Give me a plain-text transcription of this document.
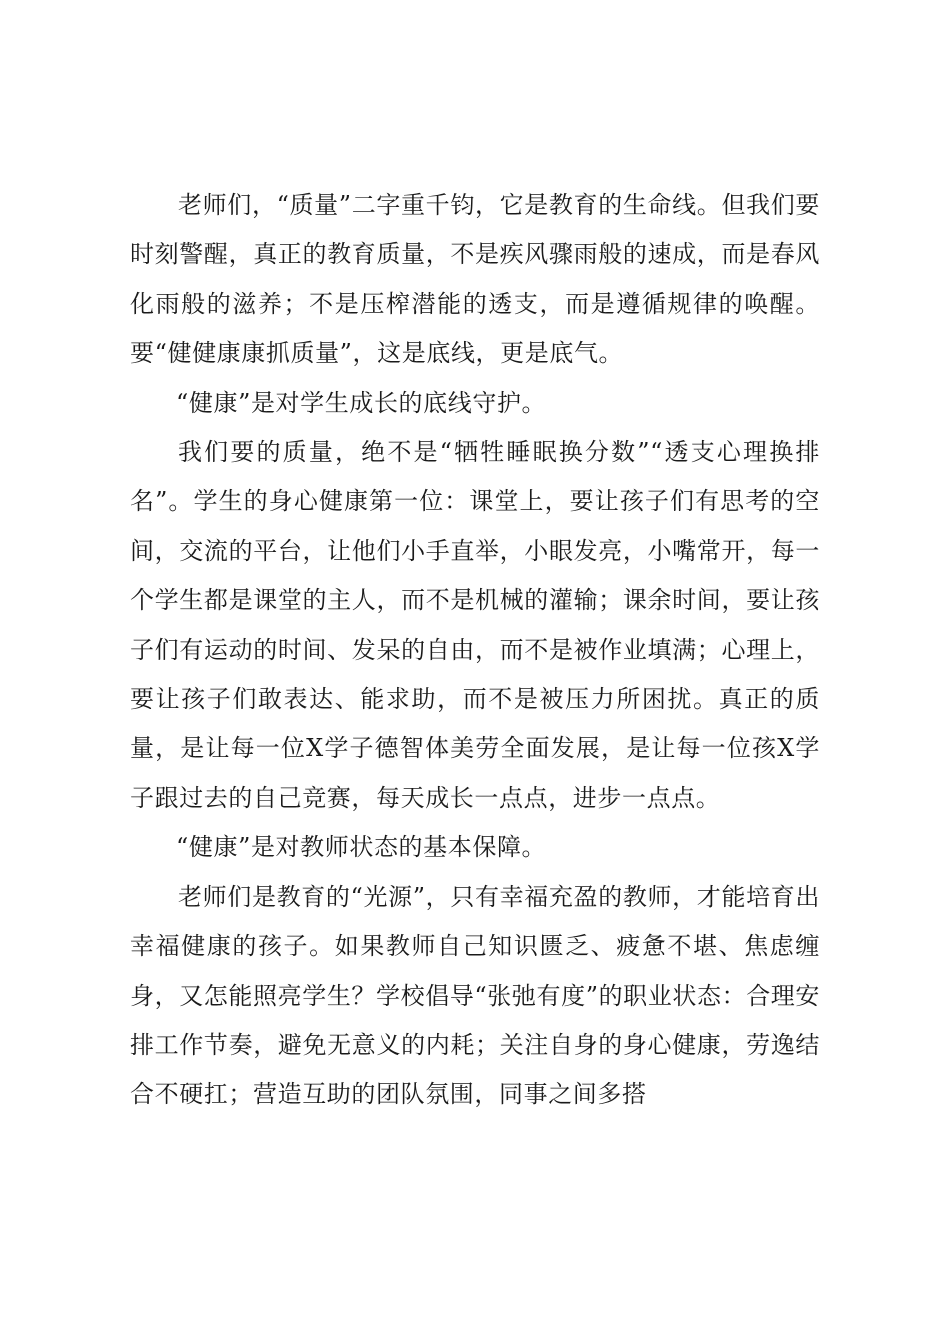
老师们，“质量”二字重千钧，它是教育的生命线。但我们要时刻警醒，真正的教育质量，不是疾风骤雨般的速成，而是春风化雨般的滋养；不是压榨潜能的透支，而是遵循规律的唤醒。要“健健康康抓质量”，这是底线，更是底气。

“健康”是对学生成长的底线守护。

我们要的质量，绝不是“牺牲睡眠换分数”“透支心理换排名”。学生的身心健康第一位：课堂上，要让孩子们有思考的空间，交流的平台，让他们小手直举，小眼发亮，小嘴常开，每一个学生都是课堂的主人，而不是机械的灌输；课余时间，要让孩子们有运动的时间、发呆的自由，而不是被作业填满；心理上，要让孩子们敢表达、能求助，而不是被压力所困扰。真正的质量，是让每一位X学子德智体美劳全面发展，是让每一位孩X学子跟过去的自己竞赛，每天成长一点点，进步一点点。

“健康”是对教师状态的基本保障。

老师们是教育的“光源”，只有幸福充盈的教师，才能培育出幸福健康的孩子。如果教师自己知识匮乏、疲惫不堪、焦虑缠身，又怎能照亮学生？学校倡导“张弛有度”的职业状态：合理安排工作节奏，避免无意义的内耗；关注自身的身心健康，劳逸结合不硬扛；营造互助的团队氛围，同事之间多搭
